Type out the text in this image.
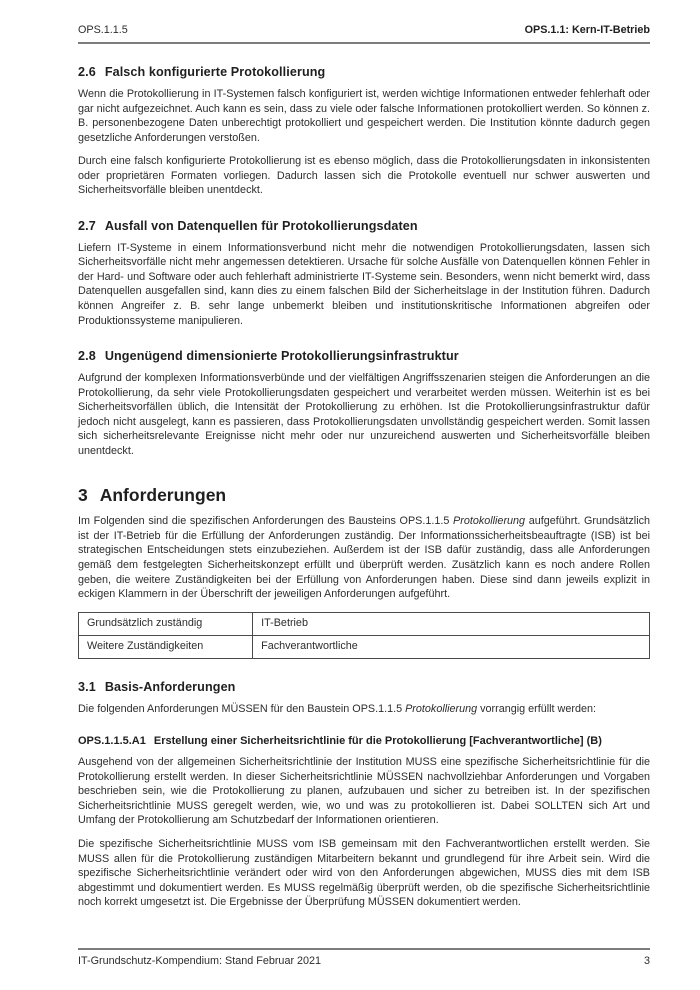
OPS.1.1.5	OPS.1.1: Kern-IT-Betrieb
2.6 Falsch konfigurierte Protokollierung

Wenn die Protokollierung in IT-Systemen falsch konfiguriert ist, werden wichtige Informationen entweder fehlerhaft oder gar nicht aufgezeichnet. Auch kann es sein, dass zu viele oder falsche Informationen protokolliert werden. So können z. B. personenbezogene Daten unberechtigt protokolliert und gespeichert werden. Die Institution könnte dadurch gegen gesetzliche Anforderungen verstoßen.

Durch eine falsch konfigurierte Protokollierung ist es ebenso möglich, dass die Protokollierungsdaten in inkonsistenten oder proprietären Formaten vorliegen. Dadurch lassen sich die Protokolle eventuell nur schwer auswerten und Sicherheitsvorfälle bleiben unentdeckt.

2.7 Ausfall von Datenquellen für Protokollierungsdaten

Liefern IT-Systeme in einem Informationsverbund nicht mehr die notwendigen Protokollierungsdaten, lassen sich Sicherheitsvorfälle nicht mehr angemessen detektieren. Ursache für solche Ausfälle von Datenquellen können Fehler in der Hard- und Software oder auch fehlerhaft administrierte IT-Systeme sein. Besonders, wenn nicht bemerkt wird, dass Datenquellen ausgefallen sind, kann dies zu einem falschen Bild der Sicherheitslage in der Institution führen. Dadurch können Angreifer z. B. sehr lange unbemerkt bleiben und institutionskritische Informationen abgreifen oder Produktionssysteme manipulieren.

2.8 Ungenügend dimensionierte Protokollierungsinfrastruktur

Aufgrund der komplexen Informationsverbünde und der vielfältigen Angriffsszenarien steigen die Anforderungen an die Protokollierung, da sehr viele Protokollierungsdaten gespeichert und verarbeitet werden müssen. Weiterhin ist es bei Sicherheitsvorfällen üblich, die Intensität der Protokollierung zu erhöhen. Ist die Protokollierungsinfrastruktur dafür jedoch nicht ausgelegt, kann es passieren, dass Protokollierungsdaten unvollständig gespeichert werden. Somit lassen sich sicherheitsrelevante Ereignisse nicht mehr oder nur unzureichend auswerten und Sicherheitsvorfälle bleiben unentdeckt.

3 Anforderungen

Im Folgenden sind die spezifischen Anforderungen des Bausteins OPS.1.1.5 Protokollierung aufgeführt. Grundsätzlich ist der IT-Betrieb für die Erfüllung der Anforderungen zuständig. Der Informationssicherheitsbeauftragte (ISB) ist bei strategischen Entscheidungen stets einzubeziehen. Außerdem ist der ISB dafür zuständig, dass alle Anforderungen gemäß dem festgelegten Sicherheitskonzept erfüllt und überprüft werden. Zusätzlich kann es noch andere Rollen geben, die weitere Zuständigkeiten bei der Erfüllung von Anforderungen haben. Diese sind dann jeweils explizit in eckigen Klammern in der Überschrift der jeweiligen Anforderungen aufgeführt.

Grundsätzlich zuständig	IT-Betrieb
Weitere Zuständigkeiten	Fachverantwortliche
3.1 Basis-Anforderungen

Die folgenden Anforderungen MÜSSEN für den Baustein OPS.1.1.5 Protokollierung vorrangig erfüllt werden:

OPS.1.1.5.A1 Erstellung einer Sicherheitsrichtlinie für die Protokollierung [Fachverantwortliche] (B)

Ausgehend von der allgemeinen Sicherheitsrichtlinie der Institution MUSS eine spezifische Sicherheitsrichtlinie für die Protokollierung erstellt werden. In dieser Sicherheitsrichtlinie MÜSSEN nachvollziehbar Anforderungen und Vorgaben beschrieben sein, wie die Protokollierung zu planen, aufzubauen und sicher zu betreiben ist. In der spezifischen Sicherheitsrichtlinie MUSS geregelt werden, wie, wo und was zu protokollieren ist. Dabei SOLLTEN sich Art und Umfang der Protokollierung am Schutzbedarf der Informationen orientieren.

Die spezifische Sicherheitsrichtlinie MUSS vom ISB gemeinsam mit den Fachverantwortlichen erstellt werden. Sie MUSS allen für die Protokollierung zuständigen Mitarbeitern bekannt und grundlegend für ihre Arbeit sein. Wird die spezifische Sicherheitsrichtlinie verändert oder wird von den Anforderungen abgewichen, MUSS dies mit dem ISB abgestimmt und dokumentiert werden. Es MUSS regelmäßig überprüft werden, ob die spezifische Sicherheitsrichtlinie noch korrekt umgesetzt ist. Die Ergebnisse der Überprüfung MÜSSEN dokumentiert werden.

IT-Grundschutz-Kompendium: Stand Februar 2021	3
